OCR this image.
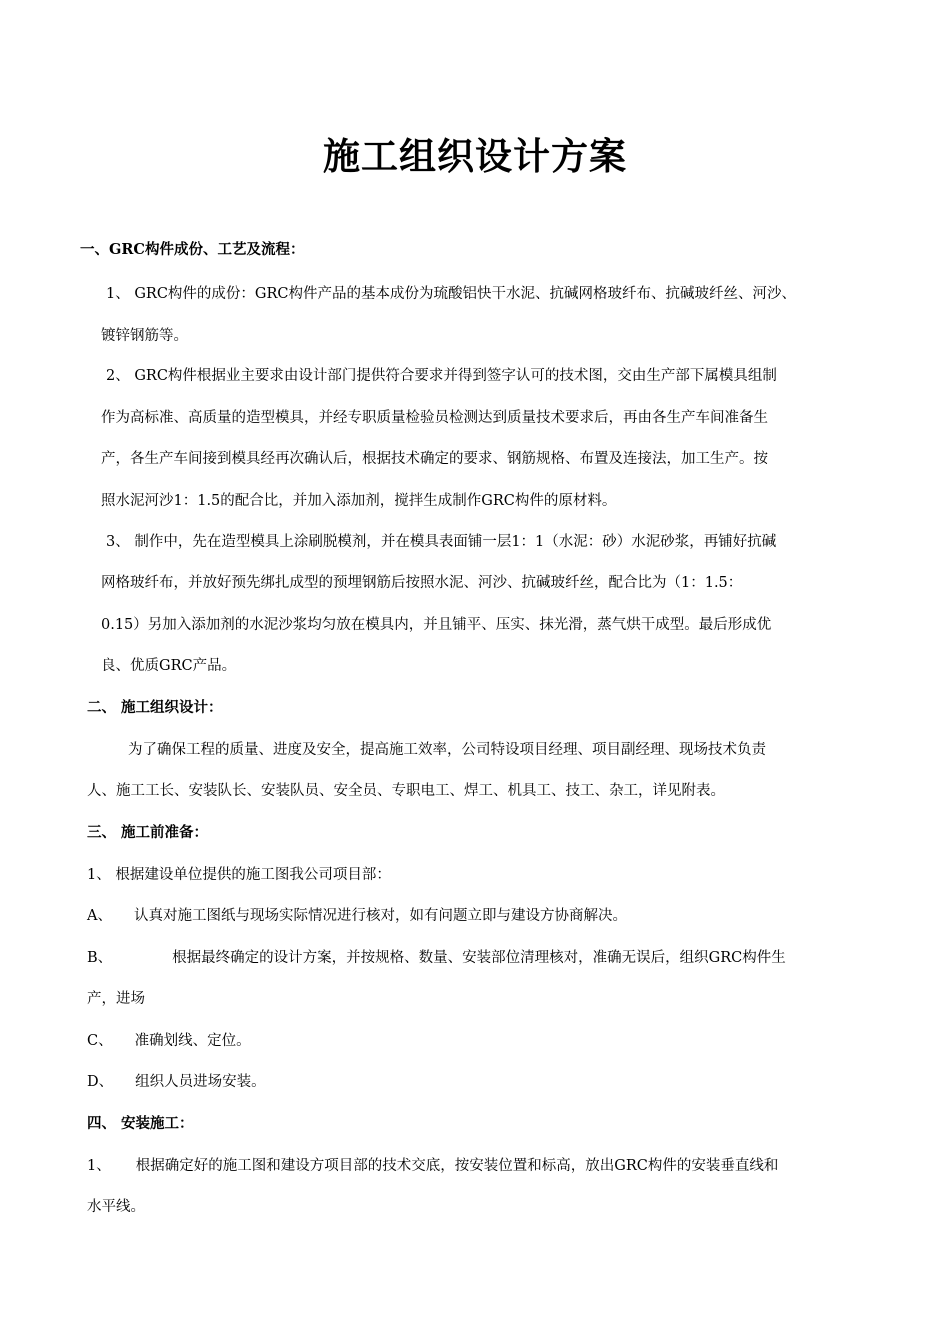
施工组织设计方案

一、GRC构件成份、工艺及流程：

1、 GRC构件的成份：GRC构件产品的基本成份为琉酸铝快干水泥、抗碱网格玻纤布、抗碱玻纤丝、河沙、

镀锌钢筋等。

2、 GRC构件根据业主要求由设计部门提供符合要求并得到签字认可的技术图，交由生产部下属模具组制

作为高标准、高质量的造型模具，并经专职质量检验员检测达到质量技术要求后，再由各生产车间准备生

产，各生产车间接到模具经再次确认后，根据技术确定的要求、钢筋规格、布置及连接法，加工生产。按

照水泥河沙1：1.5的配合比，并加入添加剂，搅拌生成制作GRC构件的原材料。

3、 制作中，先在造型模具上涂刷脱模剂，并在模具表面铺一层1：1（水泥：砂）水泥砂浆，再铺好抗碱

网格玻纤布，并放好预先绑扎成型的预埋钢筋后按照水泥、河沙、抗碱玻纤丝，配合比为（1：1.5：

0.15）另加入添加剂的水泥沙浆均匀放在模具内，并且铺平、压实、抹光滑，蒸气烘干成型。最后形成优

良、优质GRC产品。

二、 施工组织设计：

为了确保工程的质量、进度及安全，提高施工效率，公司特设项目经理、项目副经理、现场技术负责

人、施工工长、安装队长、安装队员、安全员、专职电工、焊工、机具工、技工、杂工，详见附表。

三、 施工前准备：

1、 根据建设单位提供的施工图我公司项目部：

A、 认真对施工图纸与现场实际情况进行核对，如有问题立即与建设方协商解决。

B、	根据最终确定的设计方案，并按规格、数量、安装部位清理核对，准确无误后，组织GRC构件生

产，进场

C、 准确划线、定位。

D、 组织人员进场安装。

四、 安装施工：

1、 根据确定好的施工图和建设方项目部的技术交底，按安装位置和标高，放出GRC构件的安装垂直线和

水平线。
